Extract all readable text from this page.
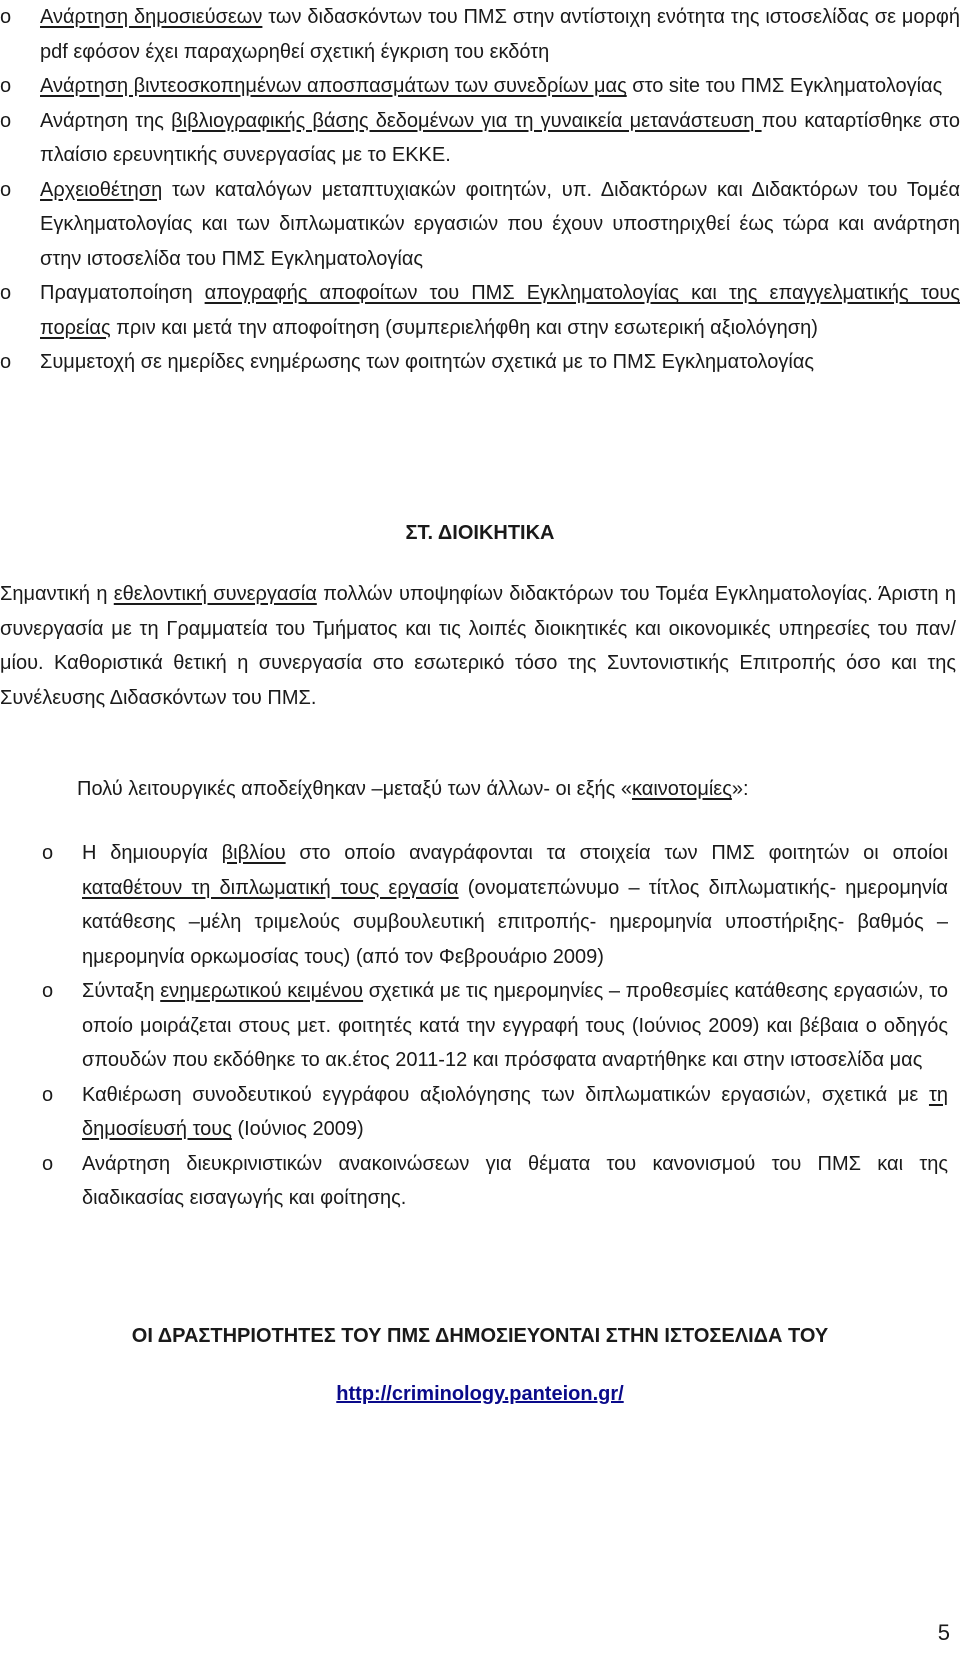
o Ανάρτηση δημοσιεύσεων των διδασκόντων του ΠΜΣ στην αντίστοιχη ενότητα της ιστοσελίδας σε μορφή pdf εφόσον έχει παραχωρηθεί σχετική έγκριση του εκδότη
o Ανάρτηση βιντεοσκοπημένων αποσπασμάτων των συνεδρίων μας στο site του ΠΜΣ Εγκληματολογίας
o Ανάρτηση της βιβλιογραφικής βάσης δεδομένων για τη γυναικεία μετανάστευση που καταρτίσθηκε στο πλαίσιο ερευνητικής συνεργασίας με το ΕΚΚΕ.
o Αρχειοθέτηση των καταλόγων μεταπτυχιακών φοιτητών, υπ. Διδακτόρων και Διδακτόρων του Τομέα Εγκληματολογίας και των διπλωματικών εργασιών που έχουν υποστηριχθεί έως τώρα και ανάρτηση στην ιστοσελίδα του ΠΜΣ Εγκληματολογίας
o Πραγματοποίηση απογραφής αποφοίτων του ΠΜΣ Εγκληματολογίας και της επαγγελματικής τους πορείας πριν και μετά την αποφοίτηση (συμπεριελήφθη και στην εσωτερική αξιολόγηση)
o Συμμετοχή σε ημερίδες ενημέρωσης των φοιτητών σχετικά με το ΠΜΣ Εγκληματολογίας
ΣΤ. ΔΙΟΙΚΗΤΙΚΑ

Σημαντική η εθελοντική συνεργασία πολλών υποψηφίων διδακτόρων του Τομέα Εγκληματολογίας. Άριστη η συνεργασία με τη Γραμματεία του Τμήματος και τις λοιπές διοικητικές και οικονομικές υπηρεσίες του παν/μίου. Καθοριστικά θετική η συνεργασία στο εσωτερικό τόσο της Συντονιστικής Επιτροπής όσο και της Συνέλευσης Διδασκόντων του ΠΜΣ.

Πολύ λειτουργικές αποδείχθηκαν –μεταξύ των άλλων- οι εξής «καινοτομίες»:

o Η δημιουργία βιβλίου στο οποίο αναγράφονται τα στοιχεία των ΠΜΣ φοιτητών οι οποίοι καταθέτουν τη διπλωματική τους εργασία (ονοματεπώνυμο – τίτλος διπλωματικής- ημερομηνία κατάθεσης –μέλη τριμελούς συμβουλευτική επιτροπής- ημερομηνία υποστήριξης- βαθμός – ημερομηνία ορκωμοσίας τους) (από τον Φεβρουάριο 2009)
o Σύνταξη ενημερωτικού κειμένου σχετικά με τις ημερομηνίες – προθεσμίες κατάθεσης εργασιών, το οποίο μοιράζεται στους μετ. φοιτητές κατά την εγγραφή τους (Ιούνιος 2009) και βέβαια ο οδηγός σπουδών που εκδόθηκε το ακ.έτος 2011-12 και πρόσφατα αναρτήθηκε και στην ιστοσελίδα μας
o Καθιέρωση συνοδευτικού εγγράφου αξιολόγησης των διπλωματικών εργασιών, σχετικά με τη δημοσίευσή τους (Ιούνιος 2009)
o Ανάρτηση διευκρινιστικών ανακοινώσεων για θέματα του κανονισμού του ΠΜΣ και της διαδικασίας εισαγωγής και φοίτησης.
ΟΙ ΔΡΑΣΤΗΡΙΟΤΗΤΕΣ ΤΟΥ ΠΜΣ ΔΗΜΟΣΙΕΥΟΝΤΑΙ ΣΤΗΝ ΙΣΤΟΣΕΛΙΔΑ ΤΟΥ
http://criminology.panteion.gr/
5
